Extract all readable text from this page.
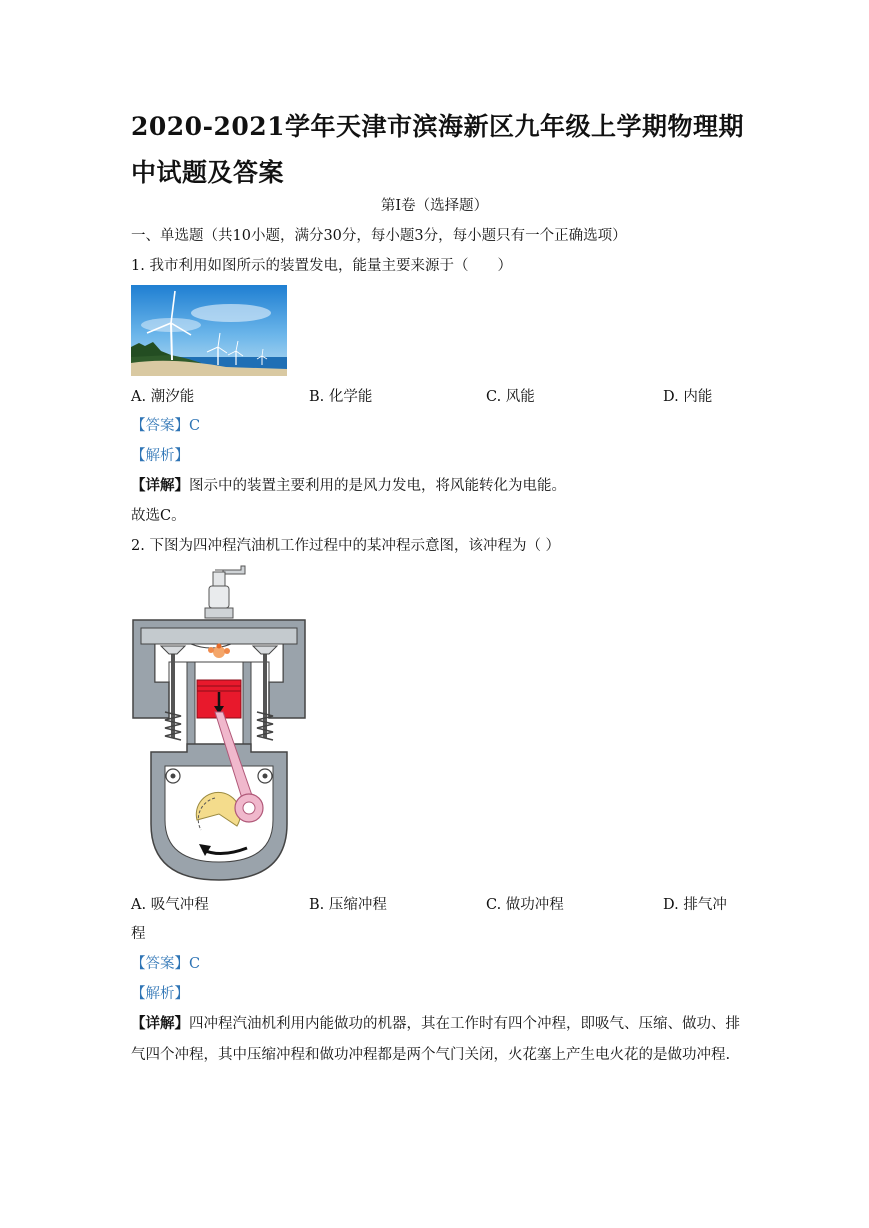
2020-2021学年天津市滨海新区九年级上学期物理期中试题及答案
第Ⅰ卷（选择题）
一、单选题（共10小题，满分30分，每小题3分，每小题只有一个正确选项）
1. 我市利用如图所示的装置发电，能量主要来源于（　　）
A. 潮汐能	B. 化学能	C. 风能	D. 内能
【答案】C
【解析】
【详解】图示中的装置主要利用的是风力发电，将风能转化为电能。
故选C。
2. 下图为四冲程汽油机工作过程中的某冲程示意图，该冲程为（ ）
A. 吸气冲程	B. 压缩冲程	C. 做功冲程	D. 排气冲
程
【答案】C
【解析】
【详解】四冲程汽油机利用内能做功的机器，其在工作时有四个冲程，即吸气、压缩、做功、排气四个冲程，其中压缩冲程和做功冲程都是两个气门关闭，火花塞上产生电火花的是做功冲程.
